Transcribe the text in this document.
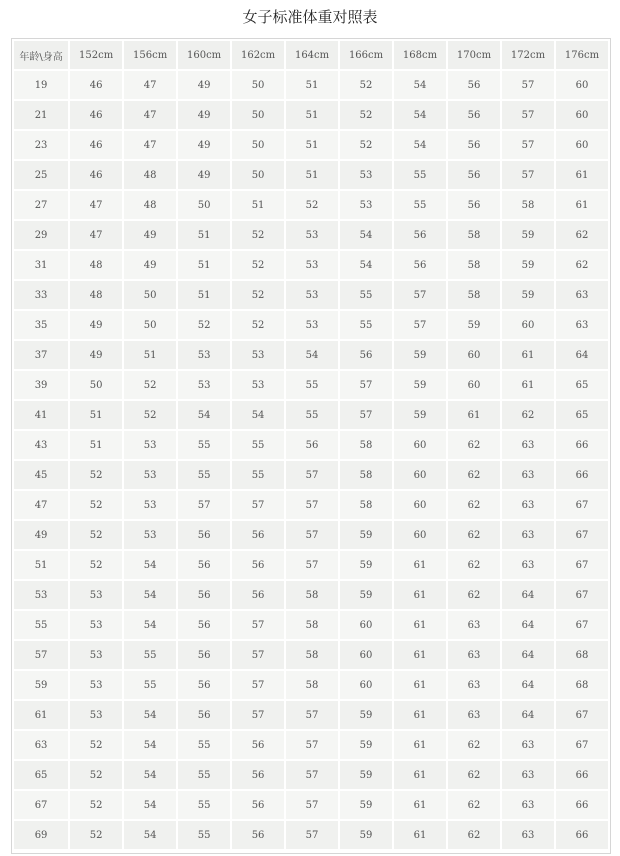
女子标准体重对照表
年龄\身高	152cm	156cm	160cm	162cm	164cm	166cm	168cm	170cm	172cm	176cm
19	46	47	49	50	51	52	54	56	57	60
21	46	47	49	50	51	52	54	56	57	60
23	46	47	49	50	51	52	54	56	57	60
25	46	48	49	50	51	53	55	56	57	61
27	47	48	50	51	52	53	55	56	58	61
29	47	49	51	52	53	54	56	58	59	62
31	48	49	51	52	53	54	56	58	59	62
33	48	50	51	52	53	55	57	58	59	63
35	49	50	52	52	53	55	57	59	60	63
37	49	51	53	53	54	56	59	60	61	64
39	50	52	53	53	55	57	59	60	61	65
41	51	52	54	54	55	57	59	61	62	65
43	51	53	55	55	56	58	60	62	63	66
45	52	53	55	55	57	58	60	62	63	66
47	52	53	57	57	57	58	60	62	63	67
49	52	53	56	56	57	59	60	62	63	67
51	52	54	56	56	57	59	61	62	63	67
53	53	54	56	56	58	59	61	62	64	67
55	53	54	56	57	58	60	61	63	64	67
57	53	55	56	57	58	60	61	63	64	68
59	53	55	56	57	58	60	61	63	64	68
61	53	54	56	57	57	59	61	63	64	67
63	52	54	55	56	57	59	61	62	63	67
65	52	54	55	56	57	59	61	62	63	66
67	52	54	55	56	57	59	61	62	63	66
69	52	54	55	56	57	59	61	62	63	66
